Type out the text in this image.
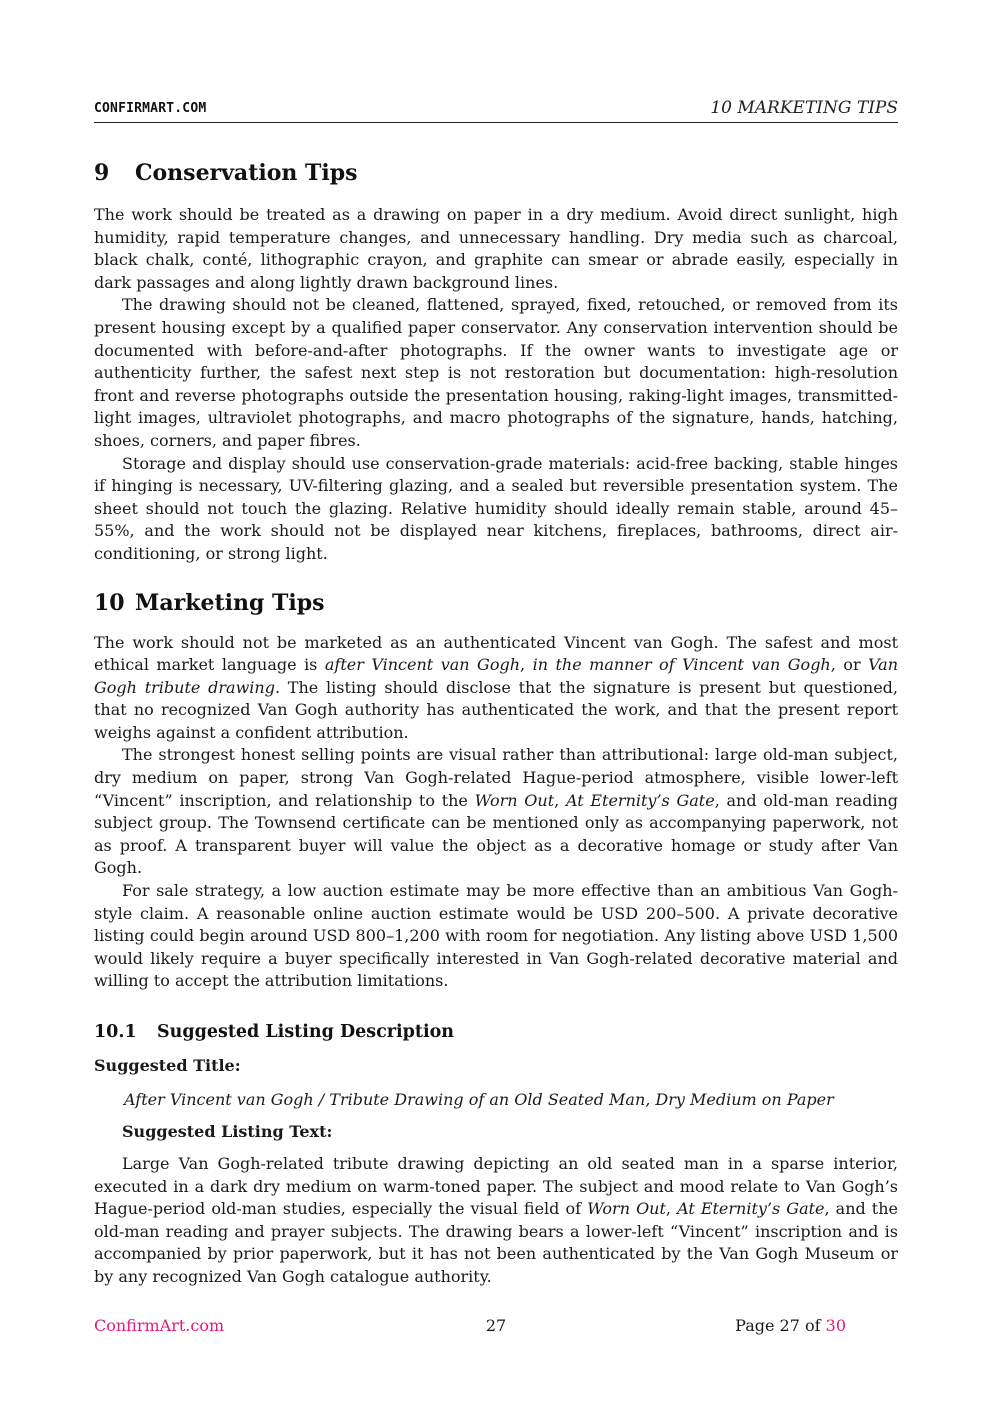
CONFIRMART.COM	10 MARKETING TIPS
9 Conservation Tips

The work should be treated as a drawing on paper in a dry medium. Avoid direct sunlight, high humidity, rapid temperature changes, and unnecessary handling. Dry media such as charcoal, black chalk, conté, lithographic crayon, and graphite can smear or abrade easily, especially in dark passages and along lightly drawn background lines.

The drawing should not be cleaned, flattened, sprayed, fixed, retouched, or removed from its present housing except by a qualified paper conservator. Any conservation intervention should be documented with before-and-after photographs. If the owner wants to investigate age or authenticity further, the safest next step is not restoration but documentation: high-resolution front and reverse photographs outside the presentation housing, raking-light images, transmitted-light images, ultraviolet photographs, and macro photographs of the signature, hands, hatching, shoes, corners, and paper fibres.

Storage and display should use conservation-grade materials: acid-free backing, stable hinges if hinging is necessary, UV-filtering glazing, and a sealed but reversible presentation system. The sheet should not touch the glazing. Relative humidity should ideally remain stable, around 45–55%, and the work should not be displayed near kitchens, fireplaces, bathrooms, direct air-conditioning, or strong light.

10 Marketing Tips

The work should not be marketed as an authenticated Vincent van Gogh. The safest and most ethical market language is after Vincent van Gogh, in the manner of Vincent van Gogh, or Van Gogh tribute drawing. The listing should disclose that the signature is present but questioned, that no recognized Van Gogh authority has authenticated the work, and that the present report weighs against a confident attribution.

The strongest honest selling points are visual rather than attributional: large old-man subject, dry medium on paper, strong Van Gogh-related Hague-period atmosphere, visible lower-left “Vincent” inscription, and relationship to the Worn Out, At Eternity’s Gate, and old-man reading subject group. The Townsend certificate can be mentioned only as accompanying paperwork, not as proof. A transparent buyer will value the object as a decorative homage or study after Van Gogh.

For sale strategy, a low auction estimate may be more effective than an ambitious Van Gogh-style claim. A reasonable online auction estimate would be USD 200–500. A private decorative listing could begin around USD 800–1,200 with room for negotiation. Any listing above USD 1,500 would likely require a buyer specifically interested in Van Gogh-related decorative material and willing to accept the attribution limitations.

10.1 Suggested Listing Description
Suggested Title:
After Vincent van Gogh / Tribute Drawing of an Old Seated Man, Dry Medium on Paper
Suggested Listing Text:

Large Van Gogh-related tribute drawing depicting an old seated man in a sparse interior, executed in a dark dry medium on warm-toned paper. The subject and mood relate to Van Gogh’s Hague-period old-man studies, especially the visual field of Worn Out, At Eternity’s Gate, and the old-man reading and prayer subjects. The drawing bears a lower-left “Vincent” inscription and is accompanied by prior paperwork, but it has not been authenticated by the Van Gogh Museum or by any recognized Van Gogh catalogue authority.

ConfirmArt.com	27	Page 27 of 30
